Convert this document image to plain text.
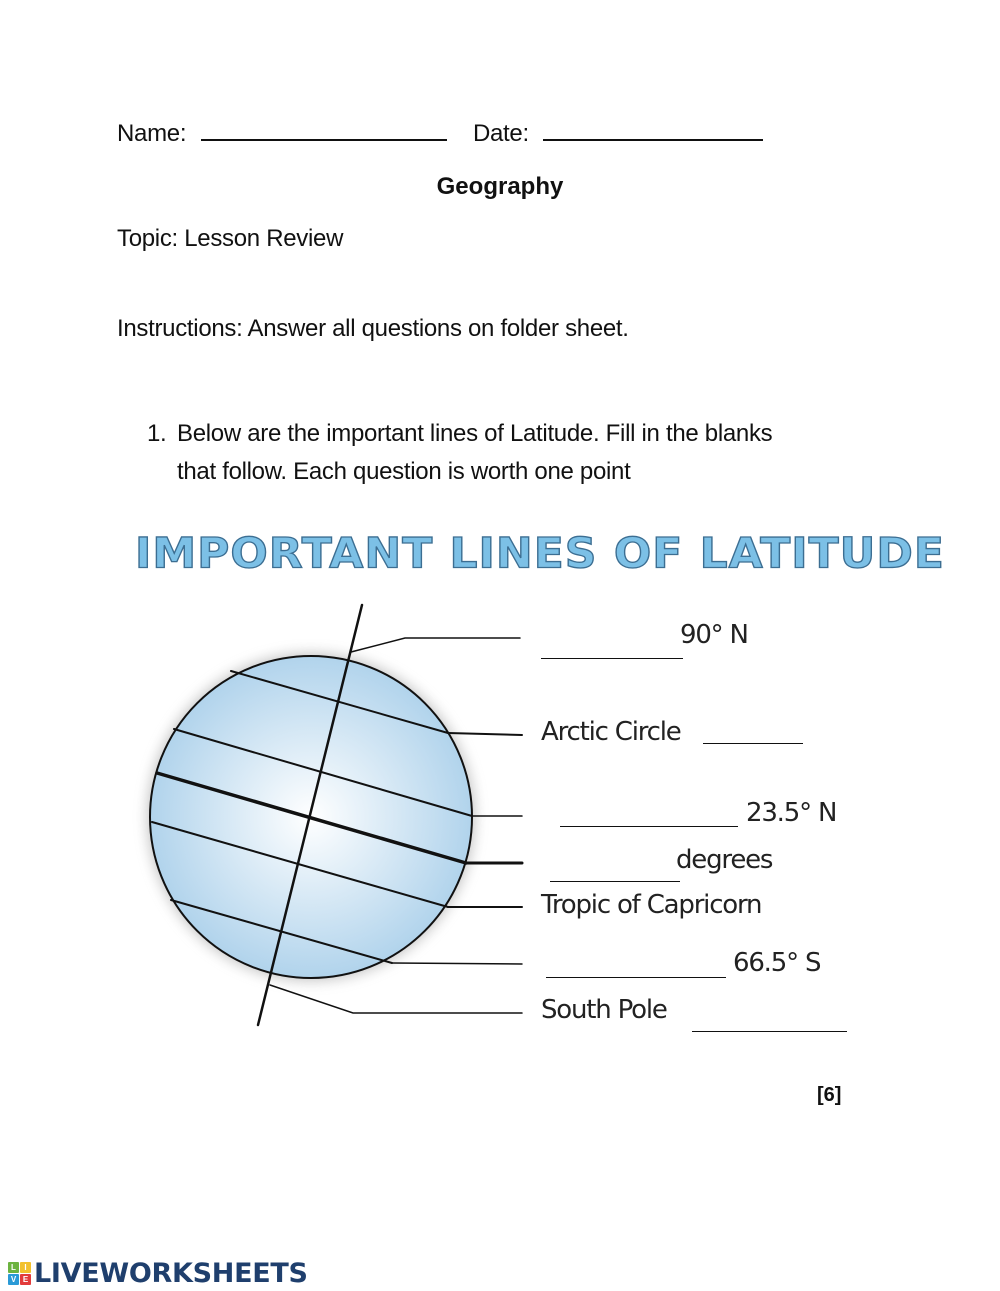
Name:	Date:
Geography
Topic: Lesson Review
Instructions: Answer all questions on folder sheet.
1. Below are the important lines of Latitude. Fill in the blanks
that follow. Each question is worth one point
IMPORTANT LINES OF LATITUDE
90° N
Arctic Circle
23.5° N
degrees
Tropic of Capricorn
66.5° S
South Pole
[6]
L	I
V E LIVEWORKSHEETS
